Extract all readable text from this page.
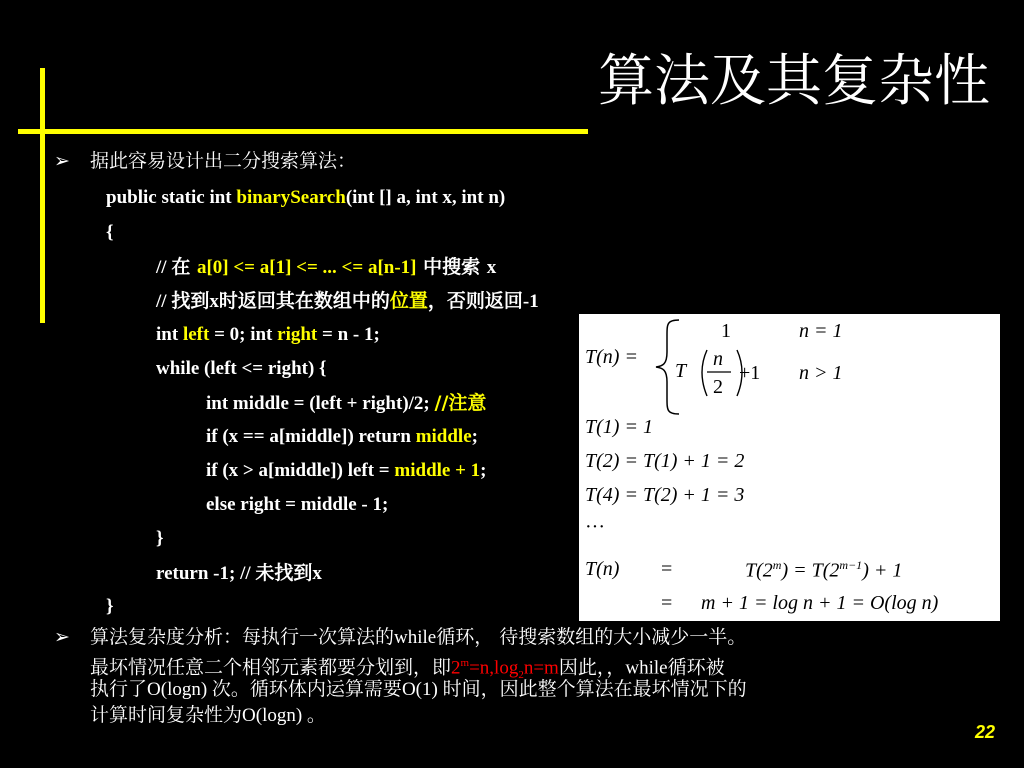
算法及其复杂性
➢ 据此容易设计出二分搜索算法：
public static int binarySearch(int [] a, int x, int n)
{
// 在 a[0] <= a[1] <= ... <= a[n-1] 中搜索 x
// 找到x时返回其在数组中的位置，否则返回-1
int left = 0; int right = n - 1;
while (left <= right) {
int middle = (left + right)/2; //注意
if (x == a[middle]) return middle;
if (x > a[middle]) left = middle + 1;
else right = middle - 1;
}
return -1; // 未找到x
}
1	n = 1
T(n) =
T
n
2
+1 n > 1
T(1) = 1
T(2) = T(1) + 1 = 2
T(4) = T(2) + 1 = 3
···
T(n) =	$T(2^m) = T(2^{m-1}) + 1$
= m + 1 = log n + 1 = O(log n)
➢ 算法复杂度分析：每执行一次算法的while循环， 待搜索数组的大小减少一半。
最坏情况任意二个相邻元素都要分划到，即$2^m=n,\log_2n=m$因此，，while循环被
执行了O(logn) 次。循环体内运算需要O(1) 时间，因此整个算法在最坏情况下的
计算时间复杂性为O(logn) 。
22
